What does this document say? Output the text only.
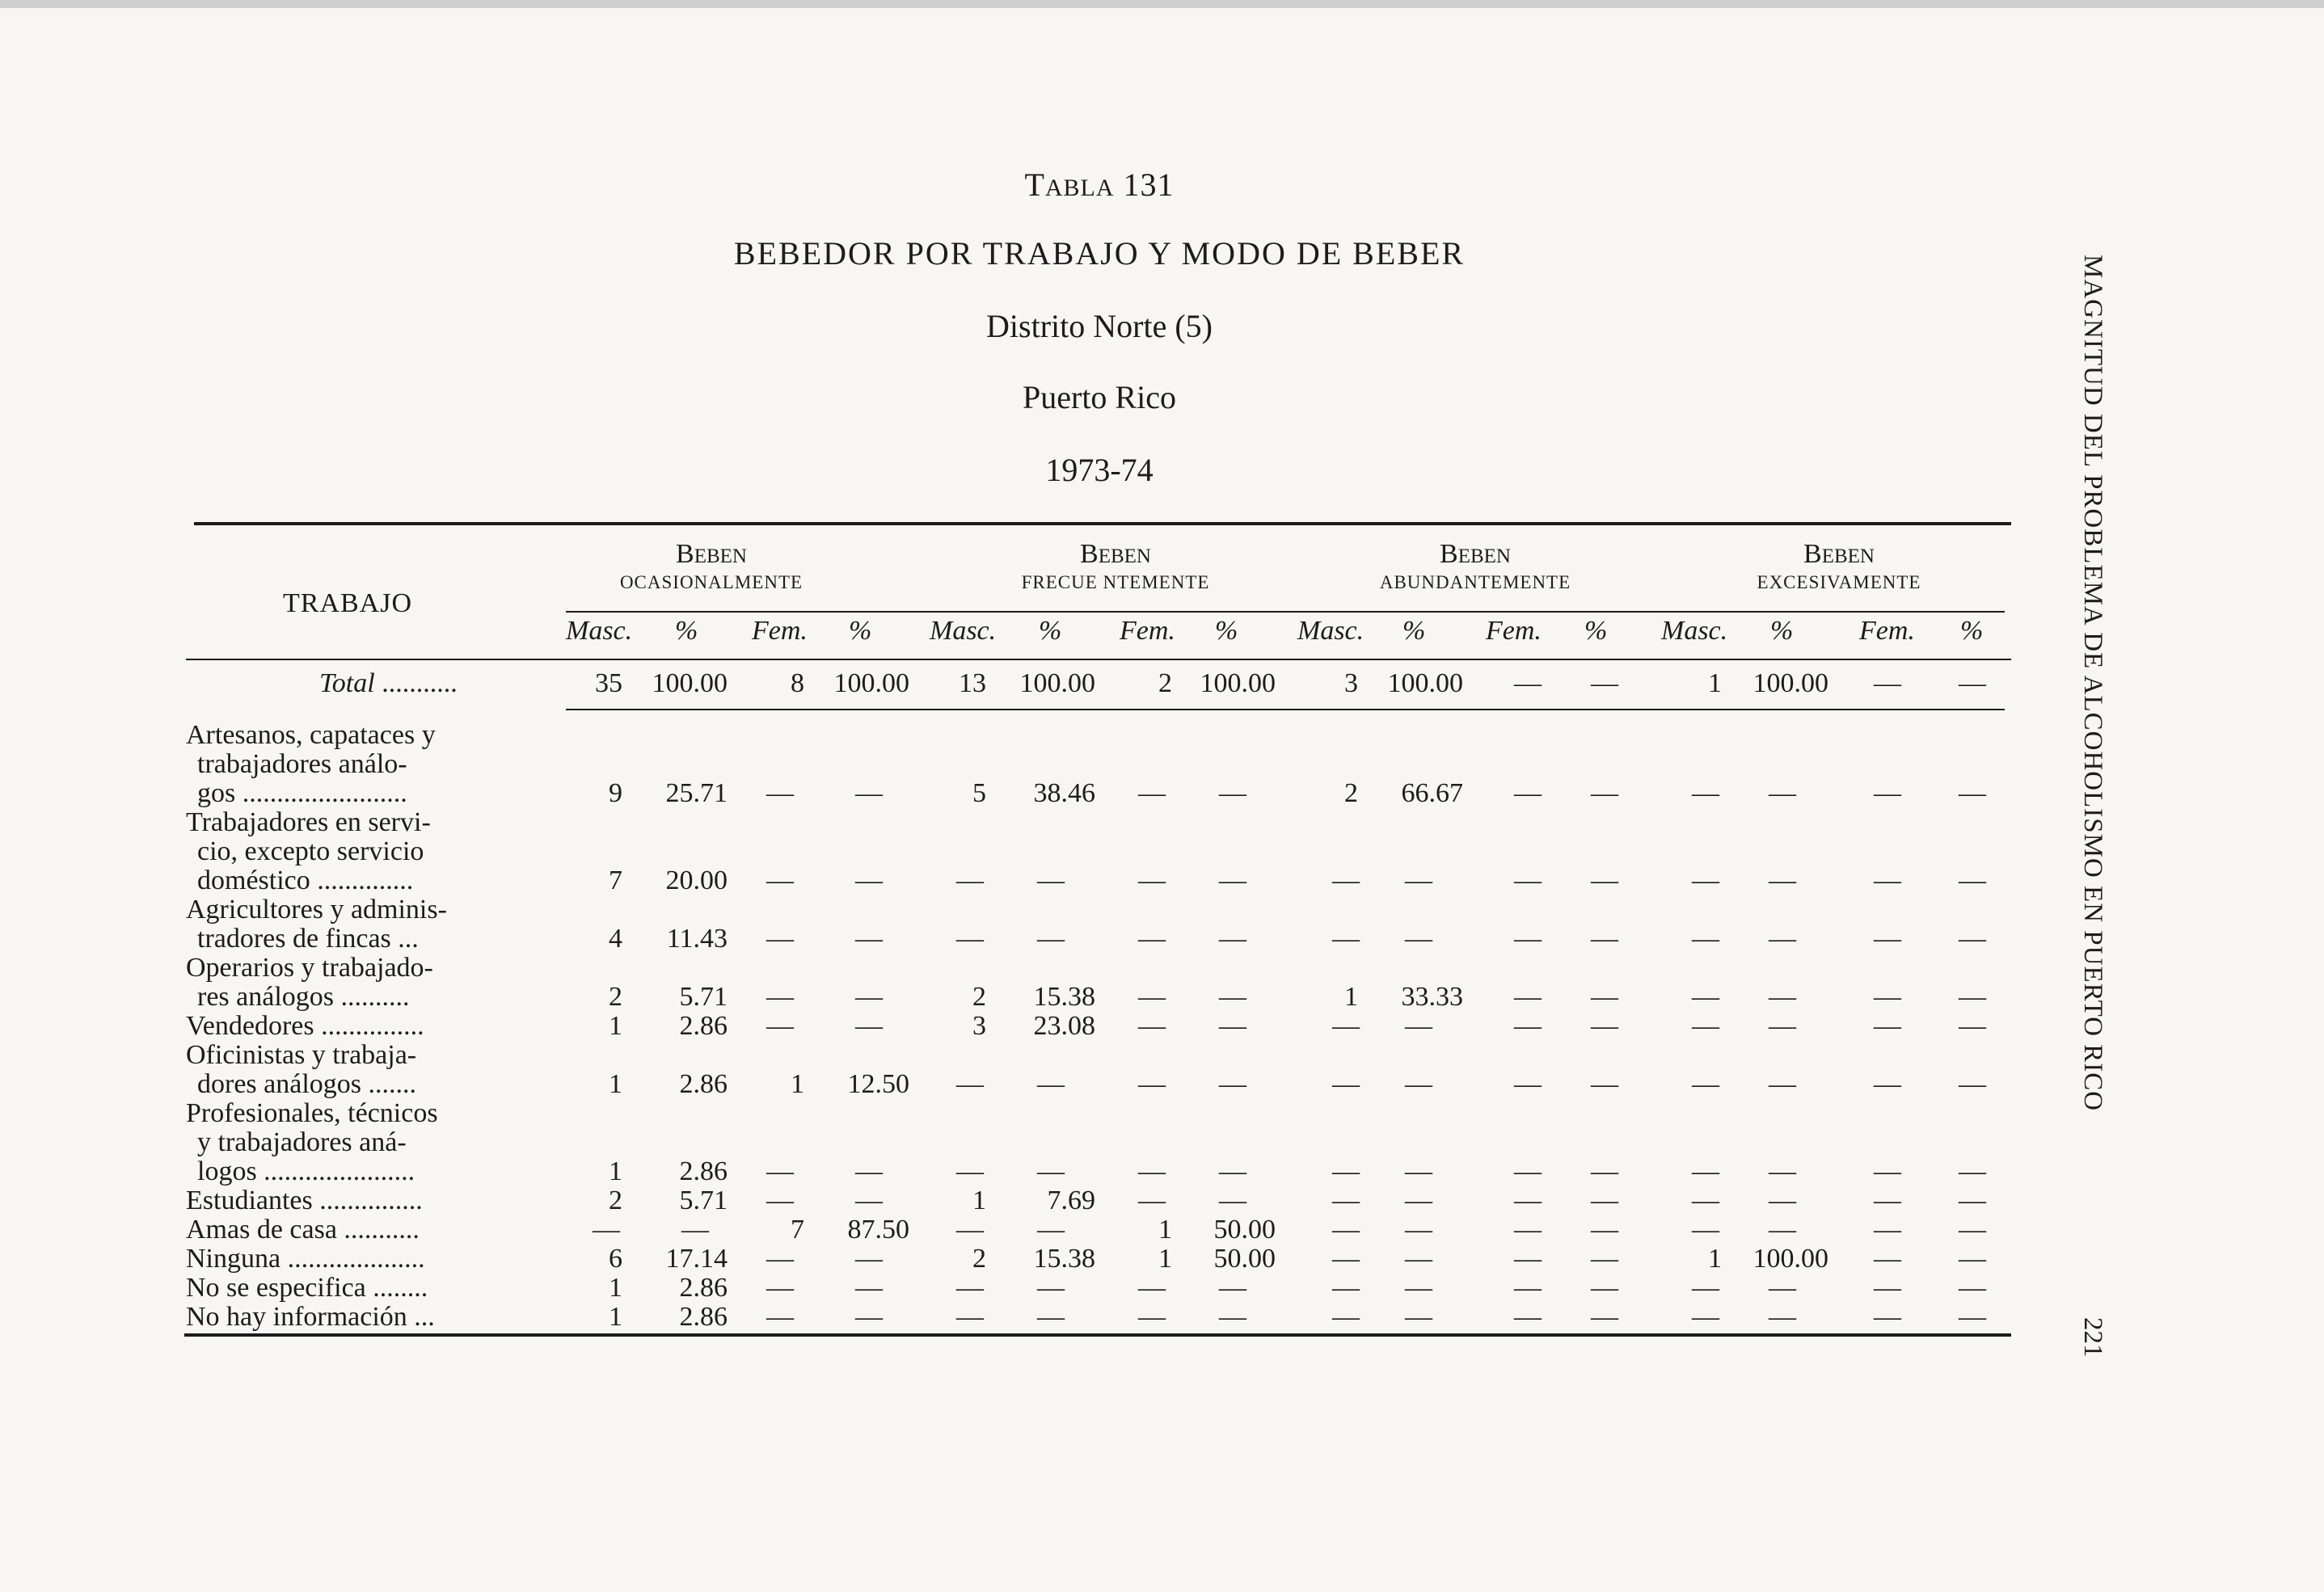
TABLA 131
BEBEDOR POR TRABAJO Y MODO DE BEBER
Distrito Norte (5)
Puerto Rico
1973-74
TRABAJO
BEBEN
OCASIONALMENTE
BEBEN
FRECUE NTEMENTE
BEBEN
ABUNDANTEMENTE
BEBEN
EXCESIVAMENTE
Masc. % Fem. % Masc. % Fem. % Masc. % Fem. % Masc. % Fem. %
Total ...........	35	100.00	8	100.00	13	100.00	2	100.00	3	100.00	—	—	1	100.00	—	—
Artesanos, capataces y
trabajadores análo-
gos ........................	9	25.71	—	—	5	38.46	—	—	2	66.67	—	—	—	—	—	—
Trabajadores en servi-
cio, excepto servicio
doméstico ..............	7	20.00	—	—	—	—	—	—	—	—	—	—	—	—	—	—
Agricultores y adminis-
tradores de fincas ...	4	11.43	—	—	—	—	—	—	—	—	—	—	—	—	—	—
Operarios y trabajado-
res análogos ..........	2	5.71	—	—	2	15.38	—	—	1	33.33	—	—	—	—	—	—
Vendedores ...............	1	2.86	—	—	3	23.08	—	—	—	—	—	—	—	—	—	—
Oficinistas y trabaja-
dores análogos .......	1	2.86	1	12.50	—	—	—	—	—	—	—	—	—	—	—	—
Profesionales, técnicos
y trabajadores aná-
logos ......................	1	2.86	—	—	—	—	—	—	—	—	—	—	—	—	—	—
Estudiantes ...............	2	5.71	—	—	1	7.69	—	—	—	—	—	—	—	—	—	—
Amas de casa ...........	—	—	7	87.50	—	—	1	50.00	—	—	—	—	—	—	—	—
Ninguna ....................	6	17.14	—	—	2	15.38	1	50.00	—	—	—	—	1	100.00	—	—
No se especifica ........	1	2.86	—	—	—	—	—	—	—	—	—	—	—	—	—	—
No hay información ...	1	2.86	—	—	—	—	—	—	—	—	—	—	—	—	—	—
MAGNITUD DEL PROBLEMA DE ALCOHOLISMO EN PUERTO RICO
221
